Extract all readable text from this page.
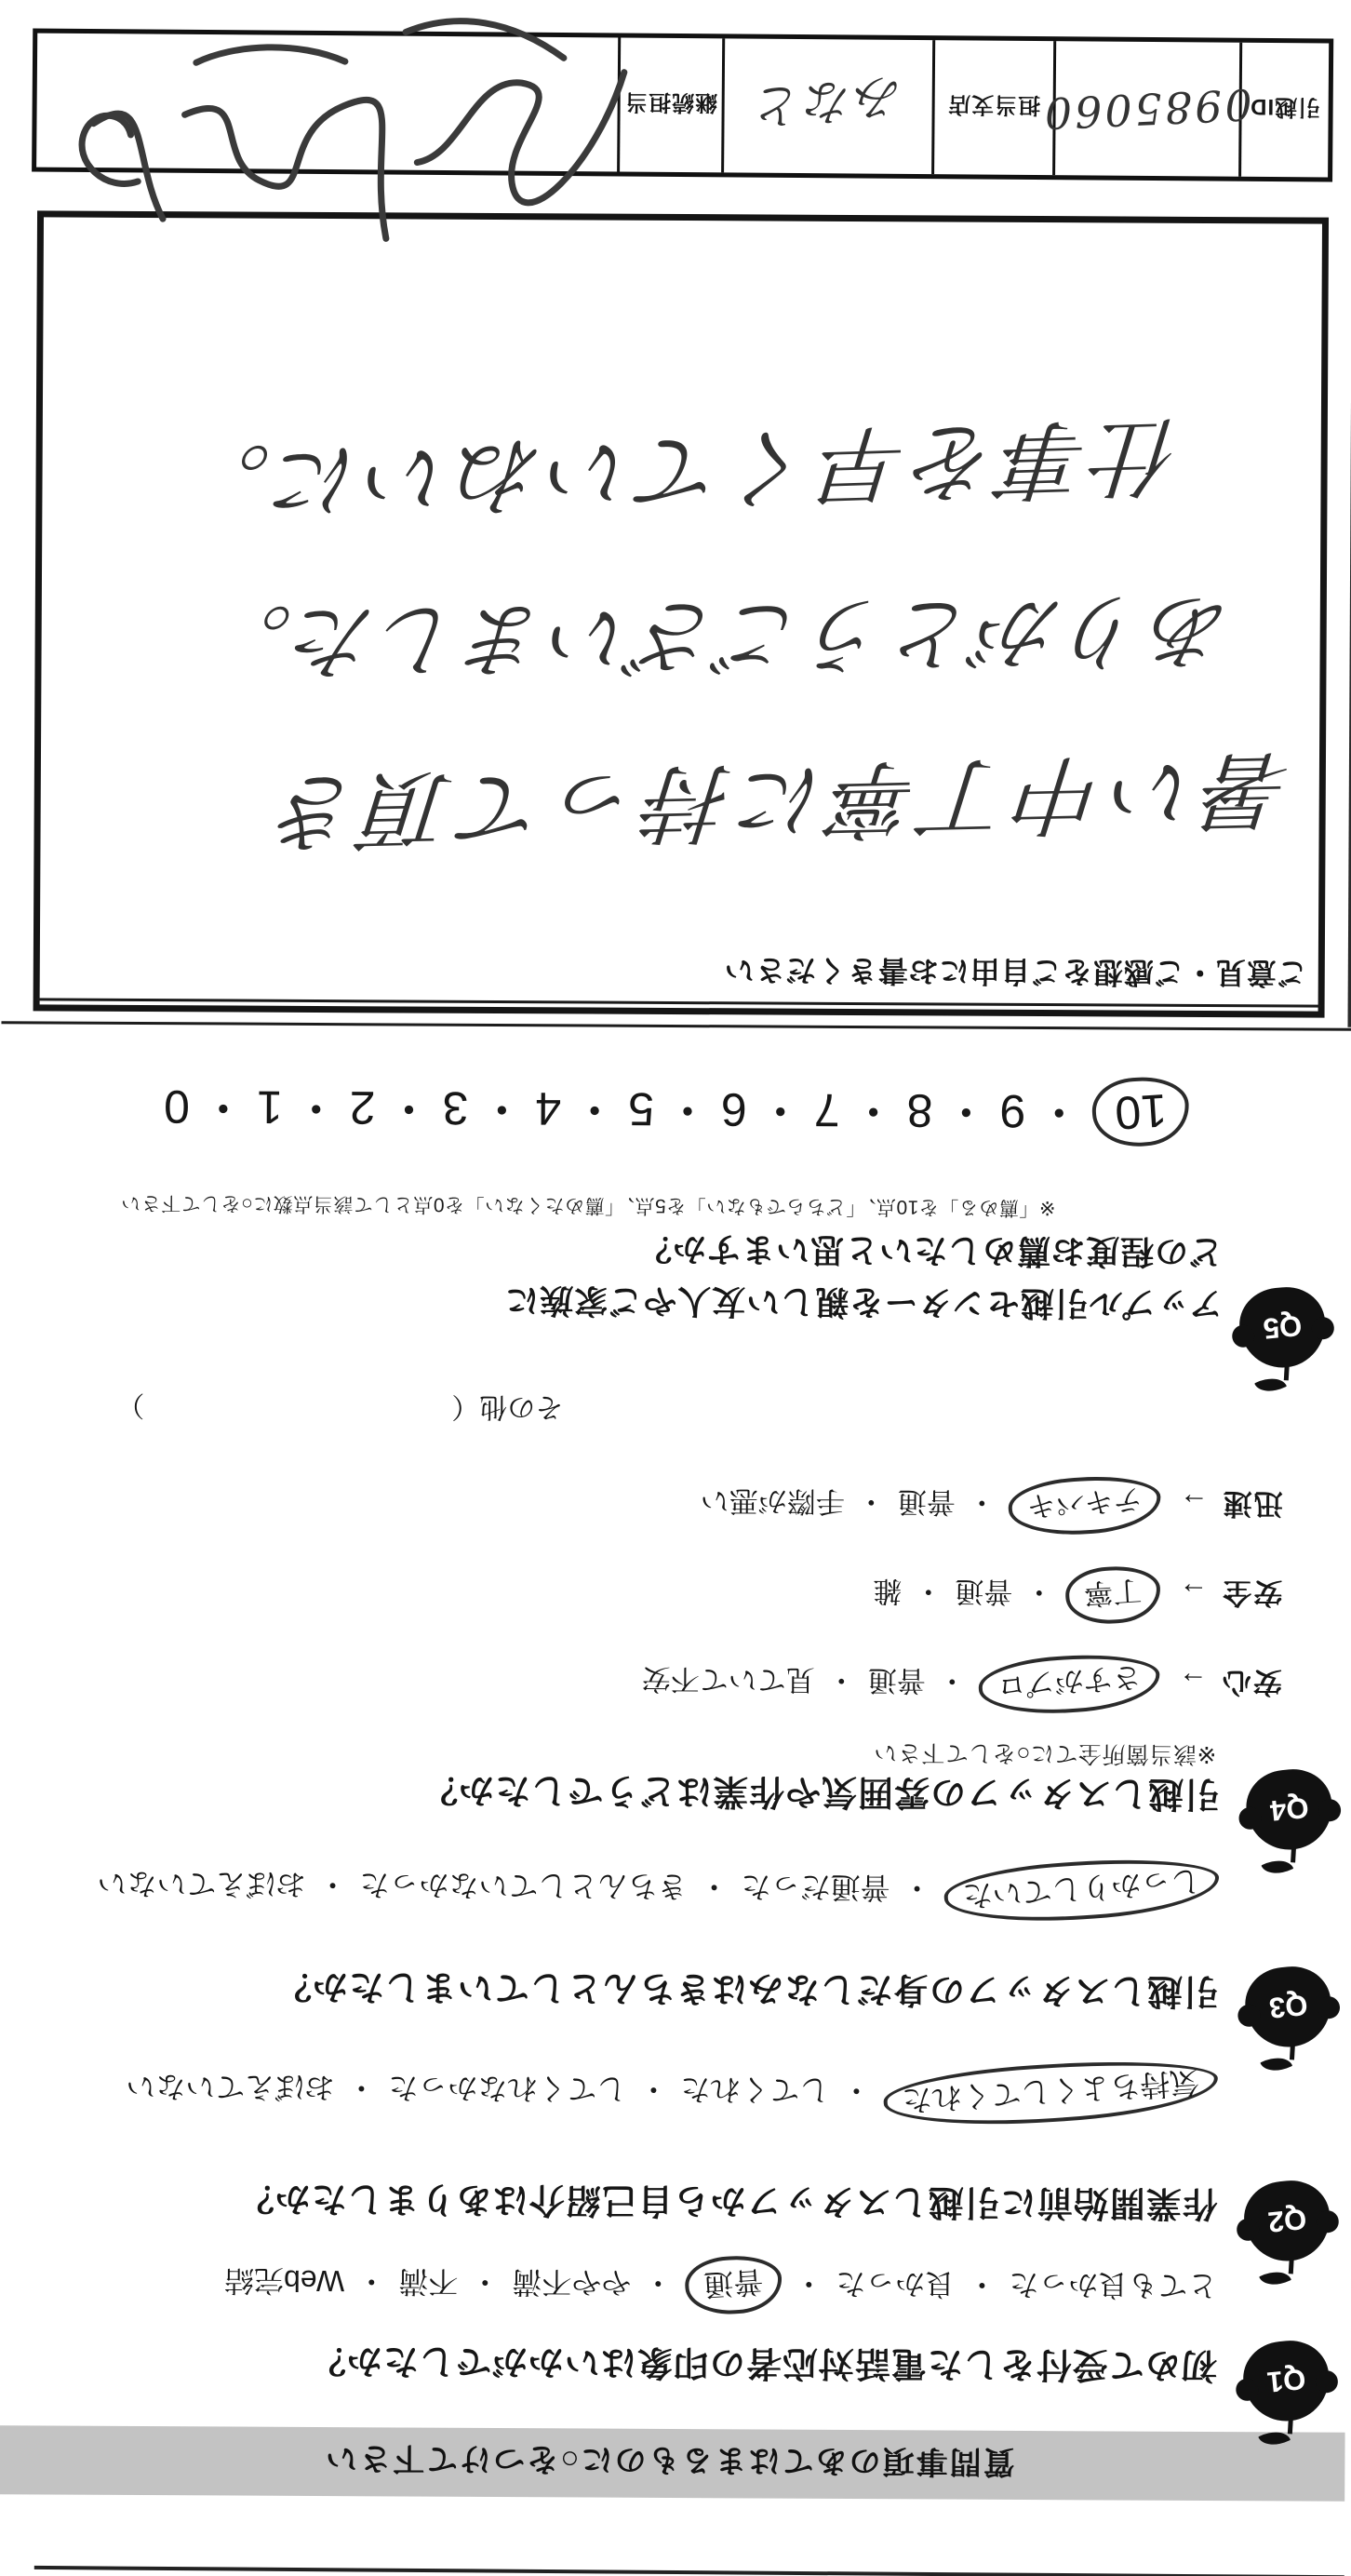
質問事項のあてはまるものに○をつけて下さい
Q1
初めて受付をした電話対応者の印象はいかがでしたか？
とても良かった・良かった・普通・やや不満・不満・Web完結
Q2
作業開始前に引越しスタッフから自己紹介はありましたか？
気持ちよくしてくれた・してくれた・してくれなかった・おぼえていない
Q3
引越しスタッフの身だしなみはきちんとしていましたか？
しっかりしていた・普通だった・きちんとしていなかった・おぼえていない
Q4
引越しスタッフの雰囲気や作業はどうでしたか？
※該当箇所全てに○をして下さい
安心→さすがプロ・普通・見ていて不安
安全→丁寧・普通・雑
迅速→テキパキ・普通・手際が悪い
その他（）
Q5
アップル引越センターを親しい友人やご家族に
どの程度お薦めしたいと思いますか？
※「薦める」を10点、「どちらでもない」を5点、「薦めたくない」を0点として該当点数に○をして下さい
10・9・8・7・6・5・4・3・2・1・0
ご意見・ご感想をご自由にお書きください
暑い中丁寧に持って頂き
ありがとうございました。
仕事を早くていねいに。
引越ID
0985060
担当支店
みなと
継続担当
